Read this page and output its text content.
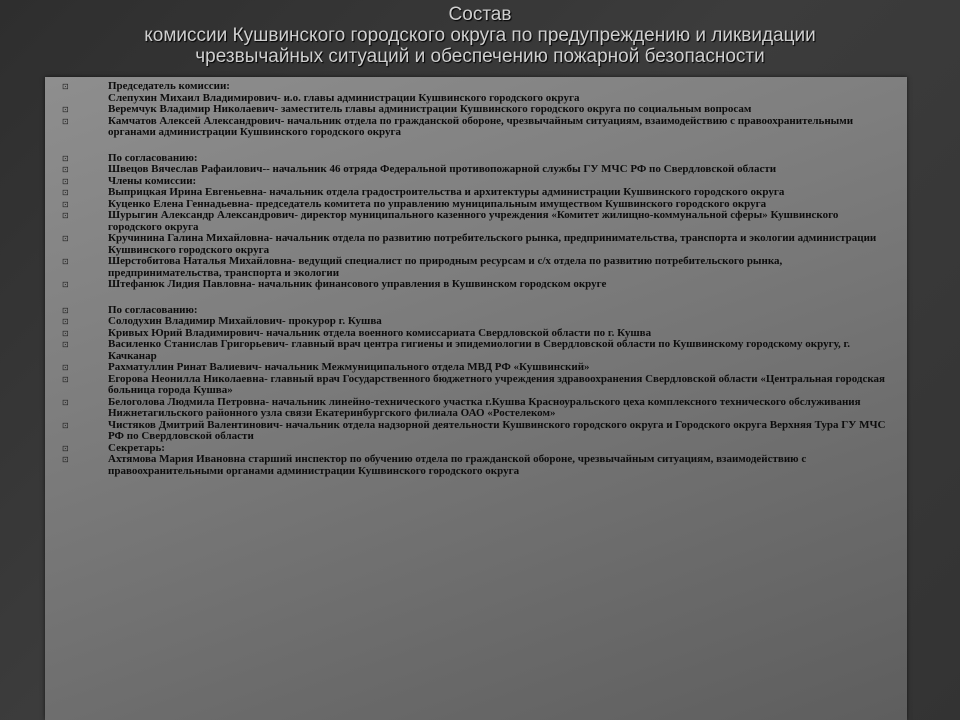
Состав
комиссии Кушвинского городского округа по предупреждению и ликвидации
чрезвычайных ситуаций и обеспечению пожарной безопасности
⊡	Председатель комиссии:
Слепухин Михаил Владимирович- и.о. главы администрации Кушвинского городского округа
⊡	Веремчук Владимир Николаевич- заместитель главы администрации Кушвинского городского округа по социальным вопросам
⊡	Камчатов Алексей Александрович- начальник отдела по гражданской обороне, чрезвычайным ситуациям, взаимодействию с правоохранительными органами администрации Кушвинского городского округа
⊡	По согласованию:
⊡	Швецов Вячеслав Рафаилович-- начальник 46 отряда Федеральной противопожарной службы ГУ МЧС РФ по Свердловской области
⊡	Члены комиссии:
⊡	Выприцкая Ирина Евгеньевна- начальник отдела градостроительства и архитектуры администрации Кушвинского городского округа
⊡	Куценко Елена Геннадьевна- председатель комитета по управлению муниципальным имуществом Кушвинского городского округа
⊡	Шурыгин Александр Александрович- директор муниципального казенного учреждения «Комитет жилищно-коммунальной сферы» Кушвинского городского округа
⊡	Кручинина Галина Михайловна- начальник отдела по развитию потребительского рынка, предпринимательства, транспорта и экологии администрации Кушвинского городского округа
⊡	Шерстобитова Наталья Михайловна- ведущий специалист по природным ресурсам и с/х отдела по развитию потребительского рынка, предпринимательства, транспорта и экологии
⊡	Штефанюк Лидия Павловна- начальник финансового управления в Кушвинском городском округе
⊡	По согласованию:
⊡	Солодухин Владимир Михайлович- прокурор г. Кушва
⊡	Кривых Юрий Владимирович- начальник отдела военного комиссариата Свердловской области по г. Кушва
⊡	Василенко Станислав Григорьевич- главный врач центра гигиены и эпидемиологии в Свердловской области по Кушвинскому городскому округу, г. Качканар
⊡	Рахматуллин Ринат Валиевич- начальник Межмуниципального отдела МВД РФ «Кушвинский»
⊡	Егорова Неонилла Николаевна- главный врач Государственного бюджетного учреждения здравоохранения Свердловской области «Центральная городская больница города Кушва»
⊡	Белоголова Людмила Петровна- начальник линейно-технического участка г.Кушва Красноуральского цеха комплексного технического обслуживания Нижнетагильского районного узла связи Екатеринбургского филиала ОАО «Ростелеком»
⊡	Чистяков Дмитрий Валентинович- начальник отдела надзорной деятельности Кушвинского городского округа и Городского округа Верхняя Тура ГУ МЧС РФ по Свердловской области
⊡	Секретарь:
⊡	Ахтямова Мария Ивановна старший инспектор по обучению отдела по гражданской обороне, чрезвычайным ситуациям, взаимодействию с правоохранительными органами администрации Кушвинского городского округа
